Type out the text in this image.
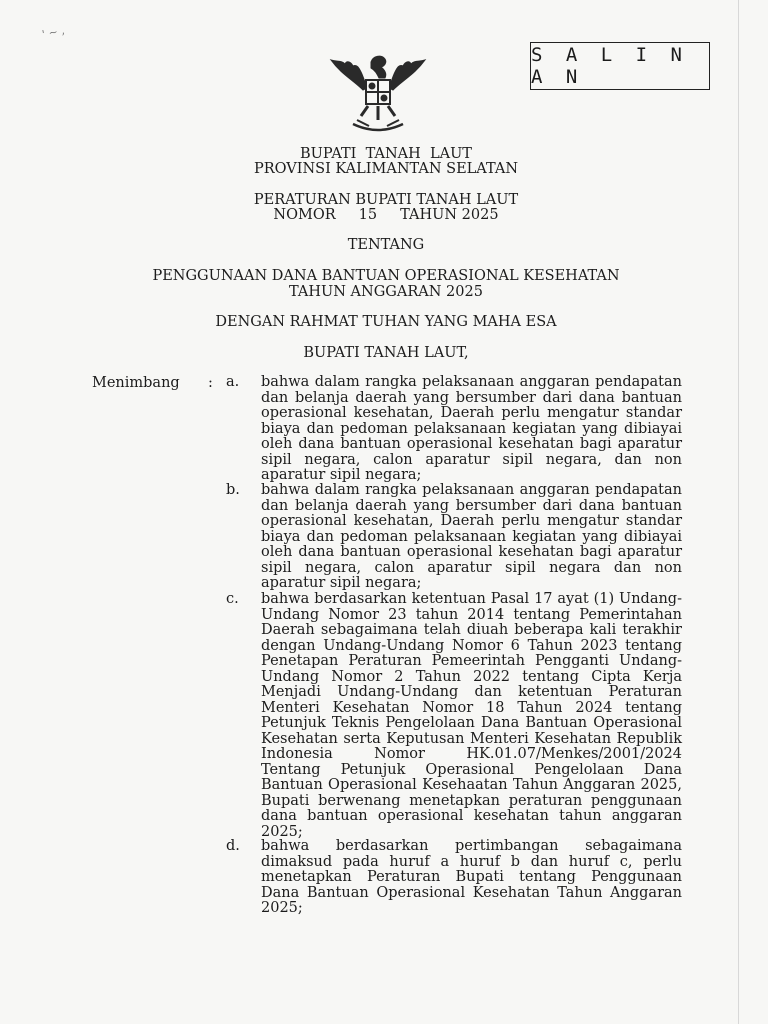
' ~ ,
S A L I N A N
BUPATI  TANAH  LAUT
PROVINSI KALIMANTAN SELATAN
PERATURAN BUPATI TANAH LAUT
NOMOR     15     TAHUN 2025
TENTANG
PENGGUNAAN DANA BANTUAN OPERASIONAL KESEHATAN
TAHUN ANGGARAN 2025
DENGAN RAHMAT TUHAN YANG MAHA ESA
BUPATI TANAH LAUT,
Menimbang : a.	bahwa dalam rangka pelaksanaan anggaran pendapatan
dan belanja daerah yang bersumber dari dana bantuan
operasional kesehatan, Daerah perlu mengatur standar
biaya dan pedoman pelaksanaan kegiatan yang dibiayai
oleh dana bantuan operasional kesehatan bagi aparatur
sipil negara, calon aparatur sipil negara, dan non
aparatur sipil negara;
b.	bahwa dalam rangka pelaksanaan anggaran pendapatan
dan belanja daerah yang bersumber dari dana bantuan
operasional kesehatan, Daerah perlu mengatur standar
biaya dan pedoman pelaksanaan kegiatan yang dibiayai
oleh dana bantuan operasional kesehatan bagi aparatur
sipil negara, calon aparatur sipil negara dan non
aparatur sipil negara;
c.	bahwa berdasarkan ketentuan Pasal 17 ayat (1) Undang-
Undang Nomor 23 tahun 2014 tentang Pemerintahan
Daerah sebagaimana telah diuah beberapa kali terakhir
dengan Undang-Undang Nomor 6 Tahun 2023 tentang
Penetapan Peraturan Pemeerintah Pengganti Undang-
Undang Nomor 2 Tahun 2022 tentang Cipta Kerja
Menjadi Undang-Undang dan ketentuan Peraturan
Menteri Kesehatan Nomor 18 Tahun 2024 tentang
Petunjuk Teknis Pengelolaan Dana Bantuan Operasional
Kesehatan serta Keputusan Menteri Kesehatan Republik
Indonesia Nomor HK.01.07/Menkes/2001/2024
Tentang Petunjuk Operasional Pengelolaan Dana
Bantuan Operasional Kesehaatan Tahun Anggaran 2025,
Bupati berwenang menetapkan peraturan penggunaan
dana bantuan operasional kesehatan tahun anggaran
2025;
d.	bahwa berdasarkan pertimbangan sebagaimana
dimaksud pada huruf a huruf b dan huruf c, perlu
menetapkan Peraturan Bupati tentang Penggunaan
Dana Bantuan Operasional Kesehatan Tahun Anggaran
2025;
